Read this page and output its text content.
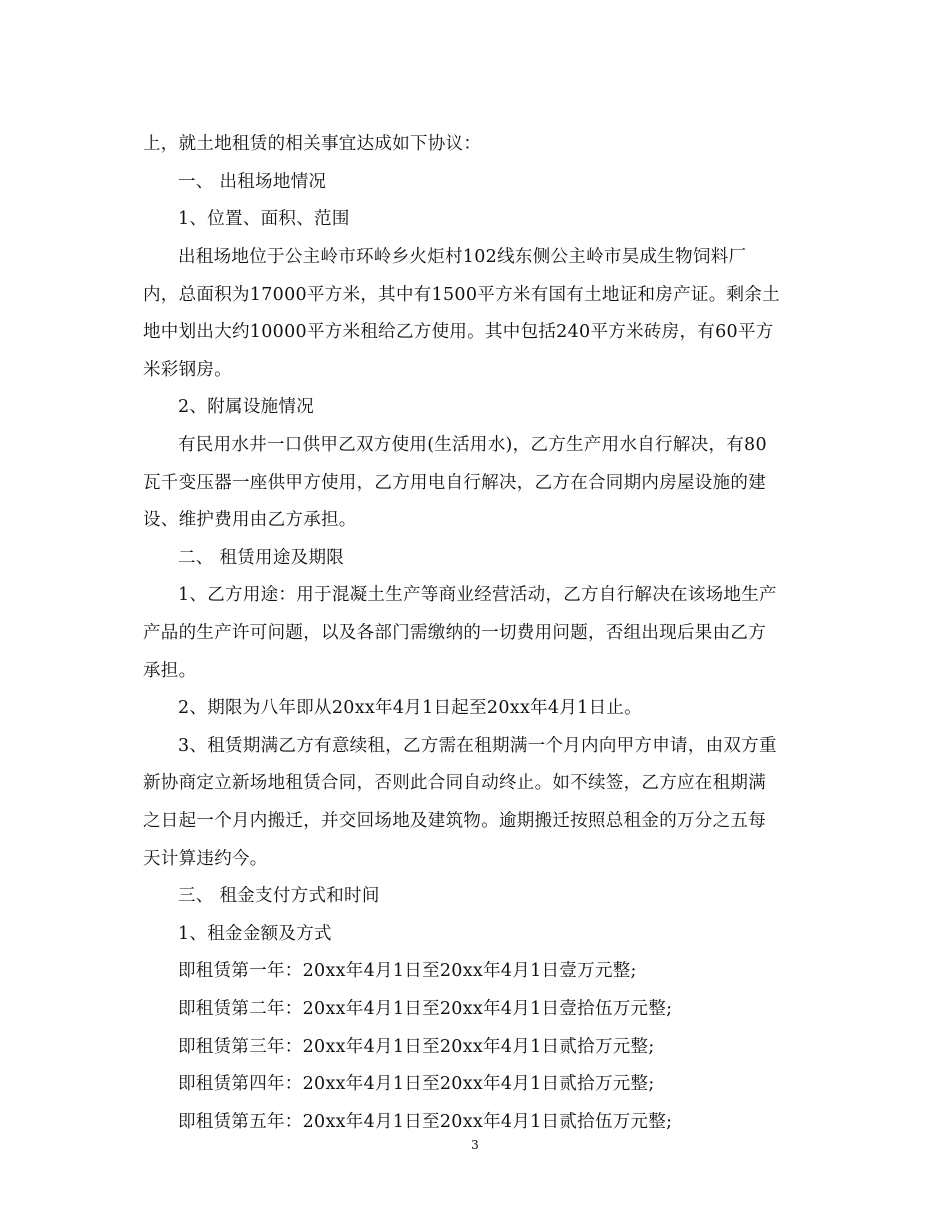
上，就土地租赁的相关事宜达成如下协议：
一、 出租场地情况
1、位置、面积、范围
出租场地位于公主岭市环岭乡火炬村102线东侧公主岭市昊成生物饲料厂
内，总面积为17000平方米，其中有1500平方米有国有土地证和房产证。剩余土
地中划出大约10000平方米租给乙方使用。其中包括240平方米砖房，有60平方
米彩钢房。
2、附属设施情况
有民用水井一口供甲乙双方使用(生活用水)，乙方生产用水自行解决，有80
瓦千变压器一座供甲方使用，乙方用电自行解决，乙方在合同期内房屋设施的建
设、维护费用由乙方承担。
二、 租赁用途及期限
1、乙方用途：用于混凝土生产等商业经营活动，乙方自行解决在该场地生产
产品的生产许可问题，以及各部门需缴纳的一切费用问题，否组出现后果由乙方
承担。
2、期限为八年即从20xx年4月1日起至20xx年4月1日止。
3、租赁期满乙方有意续租，乙方需在租期满一个月内向甲方申请，由双方重
新协商定立新场地租赁合同，否则此合同自动终止。如不续签，乙方应在租期满
之日起一个月内搬迁，并交回场地及建筑物。逾期搬迁按照总租金的万分之五每
天计算违约今。
三、 租金支付方式和时间
1、租金金额及方式
即租赁第一年：20xx年4月1日至20xx年4月1日壹万元整;
即租赁第二年：20xx年4月1日至20xx年4月1日壹拾伍万元整;
即租赁第三年：20xx年4月1日至20xx年4月1日贰拾万元整;
即租赁第四年：20xx年4月1日至20xx年4月1日贰拾万元整;
即租赁第五年：20xx年4月1日至20xx年4月1日贰拾伍万元整;
3
